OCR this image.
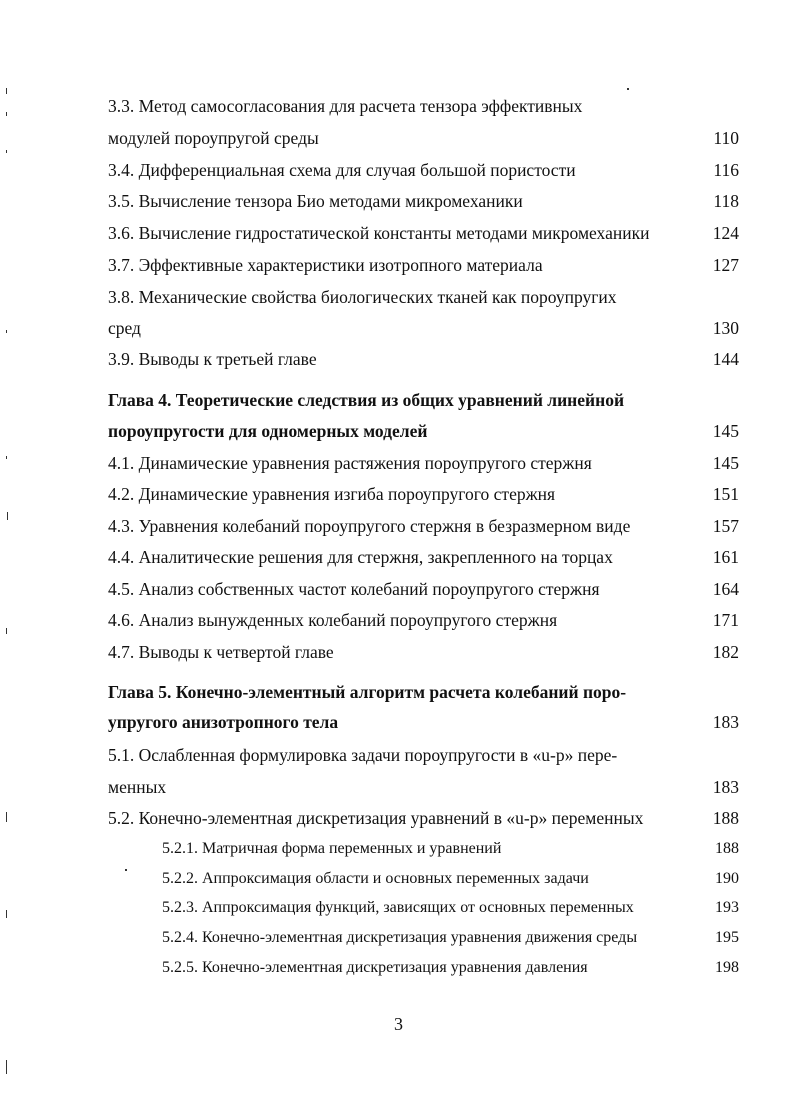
3.3. Метод самосогласования для расчета тензора эффективных
модулей пороупругой среды	110
3.4. Дифференциальная схема для случая большой пористости	116
3.5. Вычисление тензора Био методами микромеханики	118
3.6. Вычисление гидростатической константы методами микромеханики	124
3.7. Эффективные характеристики изотропного материала	127
3.8. Механические свойства биологических тканей как пороупругих
сред	130
3.9. Выводы к третьей главе	144
Глава 4. Теоретические следствия из общих уравнений линейной
пороупругости для одномерных моделей	145
4.1. Динамические уравнения растяжения пороупругого стержня	145
4.2. Динамические уравнения изгиба пороупругого стержня	151
4.3. Уравнения колебаний пороупругого стержня в безразмерном виде	157
4.4. Аналитические решения для стержня, закрепленного на торцах	161
4.5. Анализ собственных частот колебаний пороупругого стержня	164
4.6. Анализ вынужденных колебаний пороупругого стержня	171
4.7. Выводы к четвертой главе	182
Глава 5. Конечно-элементный алгоритм расчета колебаний поро-
упругого анизотропного тела	183
5.1. Ослабленная формулировка задачи пороупругости в «u-p» пере-
менных	183
5.2. Конечно-элементная дискретизация уравнений в «u-p» переменных	188
5.2.1. Матричная форма переменных и уравнений	188
5.2.2. Аппроксимация области и основных переменных задачи	190
5.2.3. Аппроксимация функций, зависящих от основных переменных	193
5.2.4. Конечно-элементная дискретизация уравнения движения среды	195
5.2.5. Конечно-элементная дискретизация уравнения давления	198
3
